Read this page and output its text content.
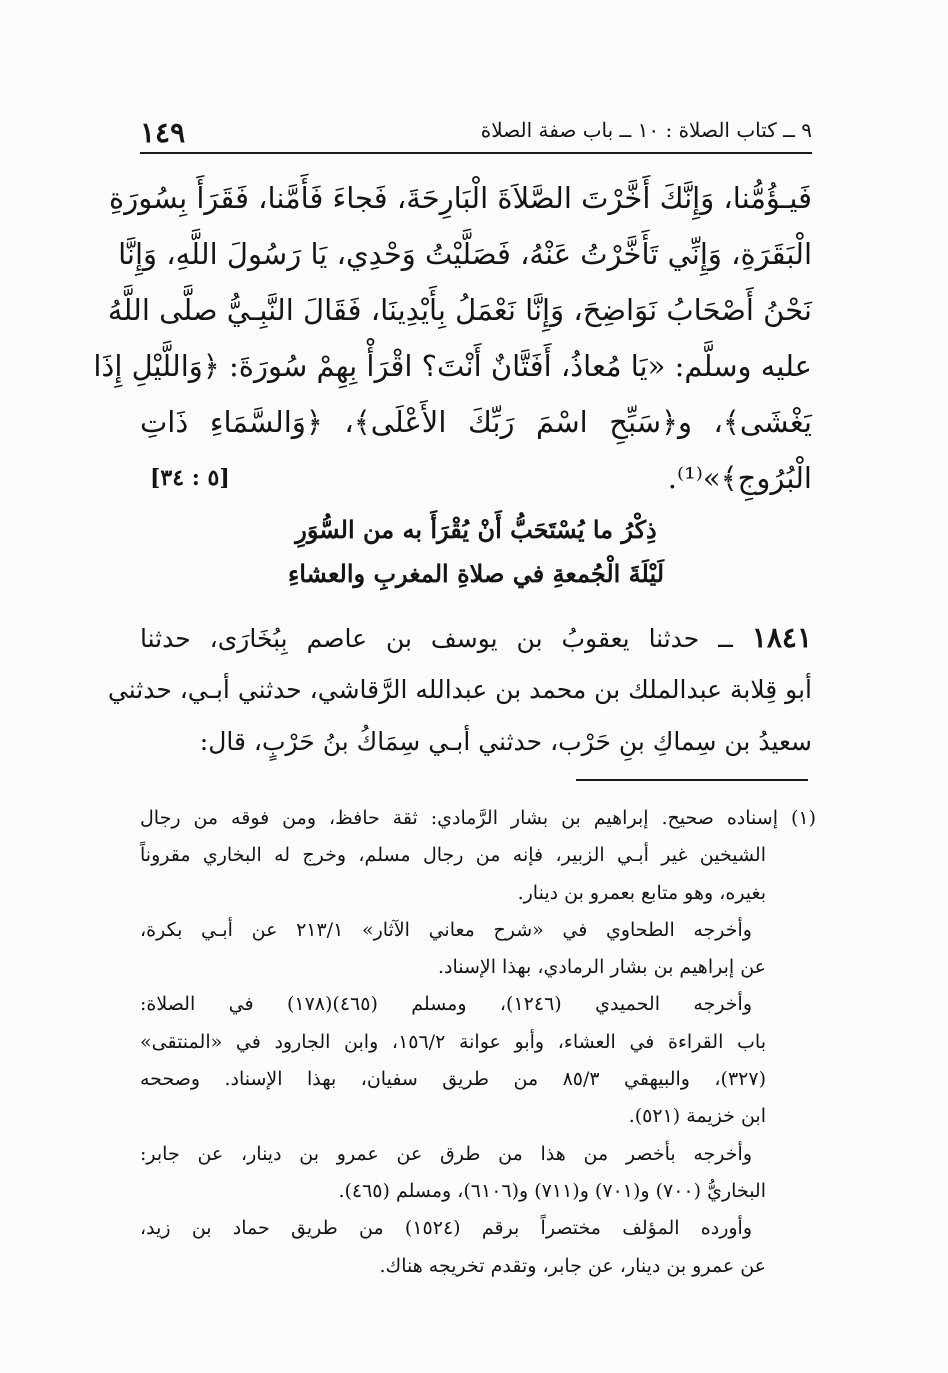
١٤٩	٩ ــ كتاب الصلاة : ١٠ ــ باب صفة الصلاة
فَيـؤُمُّنا، وَإِنَّكَ أَخَّرْتَ الصَّلاَةَ الْبَارِحَةَ، فَجاءَ فَأَمَّنا، فَقَرَأَ بِسُورَةِ
الْبَقَرَةِ، وَإِنِّي تَأَخَّرْتُ عَنْهُ، فَصَلَّيْتُ وَحْدِي، يَا رَسُولَ اللَّهِ، وَإِنَّا
نَحْنُ أَصْحَابُ نَوَاضِحَ، وَإِنَّا نَعْمَلُ بِأَيْدِينَا، فَقَالَ النَّبِـيُّ صلَّى اللَّهُ
عليه وسلَّم: «يَا مُعاذُ، أَفَتَّانٌ أَنْتَ؟ اقْرَأْ بِهِمْ سُورَةَ: ﴿وَاللَّيْلِ إِذَا
يَغْشَى﴾، و﴿سَبِّحِ اسْمَ رَبِّكَ الأَعْلَى﴾، ﴿وَالسَّمَاءِ ذَاتِ
الْبُرُوجِ﴾»⁽¹⁾.
[٥ : ٣٤]
ذِكْرُ ما يُسْتَحَبُّ أَنْ يُقْرَأَ به من السُّوَرِ
لَيْلَةَ الْجُمعةِ في صلاةِ المغربِ والعشاءِ
١٨٤١ ــ حدثنا يعقوبُ بن يوسف بن عاصم بِبُخَارَى، حدثنا
أبو قِلابة عبدالملك بن محمد بن عبدالله الرَّقاشي، حدثني أبـي، حدثني
سعيدُ بن سِماكِ بنِ حَرْب، حدثني أبـي سِمَاكُ بنُ حَرْبٍ، قال:
(١) إسناده صحيح. إبراهيم بن بشار الرَّمادي: ثقة حافظ، ومن فوقه من رجال
الشيخين غير أبـي الزبير، فإنه من رجال مسلم، وخرج له البخاري مقروناً
بغيره، وهو متابع بعمرو بن دينار.
وأخرجه الطحاوي في «شرح معاني الآثار» ٢١٣/١ عن أبـي بكرة،
عن إبراهيم بن بشار الرمادي، بهذا الإسناد.
وأخرجه الحميدي (١٢٤٦)، ومسلم (٤٦٥)(١٧٨) في الصلاة:
باب القراءة في العشاء، وأبو عوانة ١٥٦/٢، وابن الجارود في «المنتقى»
(٣٢٧)، والبيهقي ٨٥/٣ من طريق سفيان، بهذا الإسناد. وصححه
ابن خزيمة (٥٢١).
وأخرجه بأخصر من هذا من طرق عن عمرو بن دينار، عن جابر:
البخاريُّ (٧٠٠) و(٧٠١) و(٧١١) و(٦١٠٦)، ومسلم (٤٦٥).
وأورده المؤلف مختصراً برقم (١٥٢٤) من طريق حماد بن زيد،
عن عمرو بن دينار، عن جابر، وتقدم تخريجه هناك.
